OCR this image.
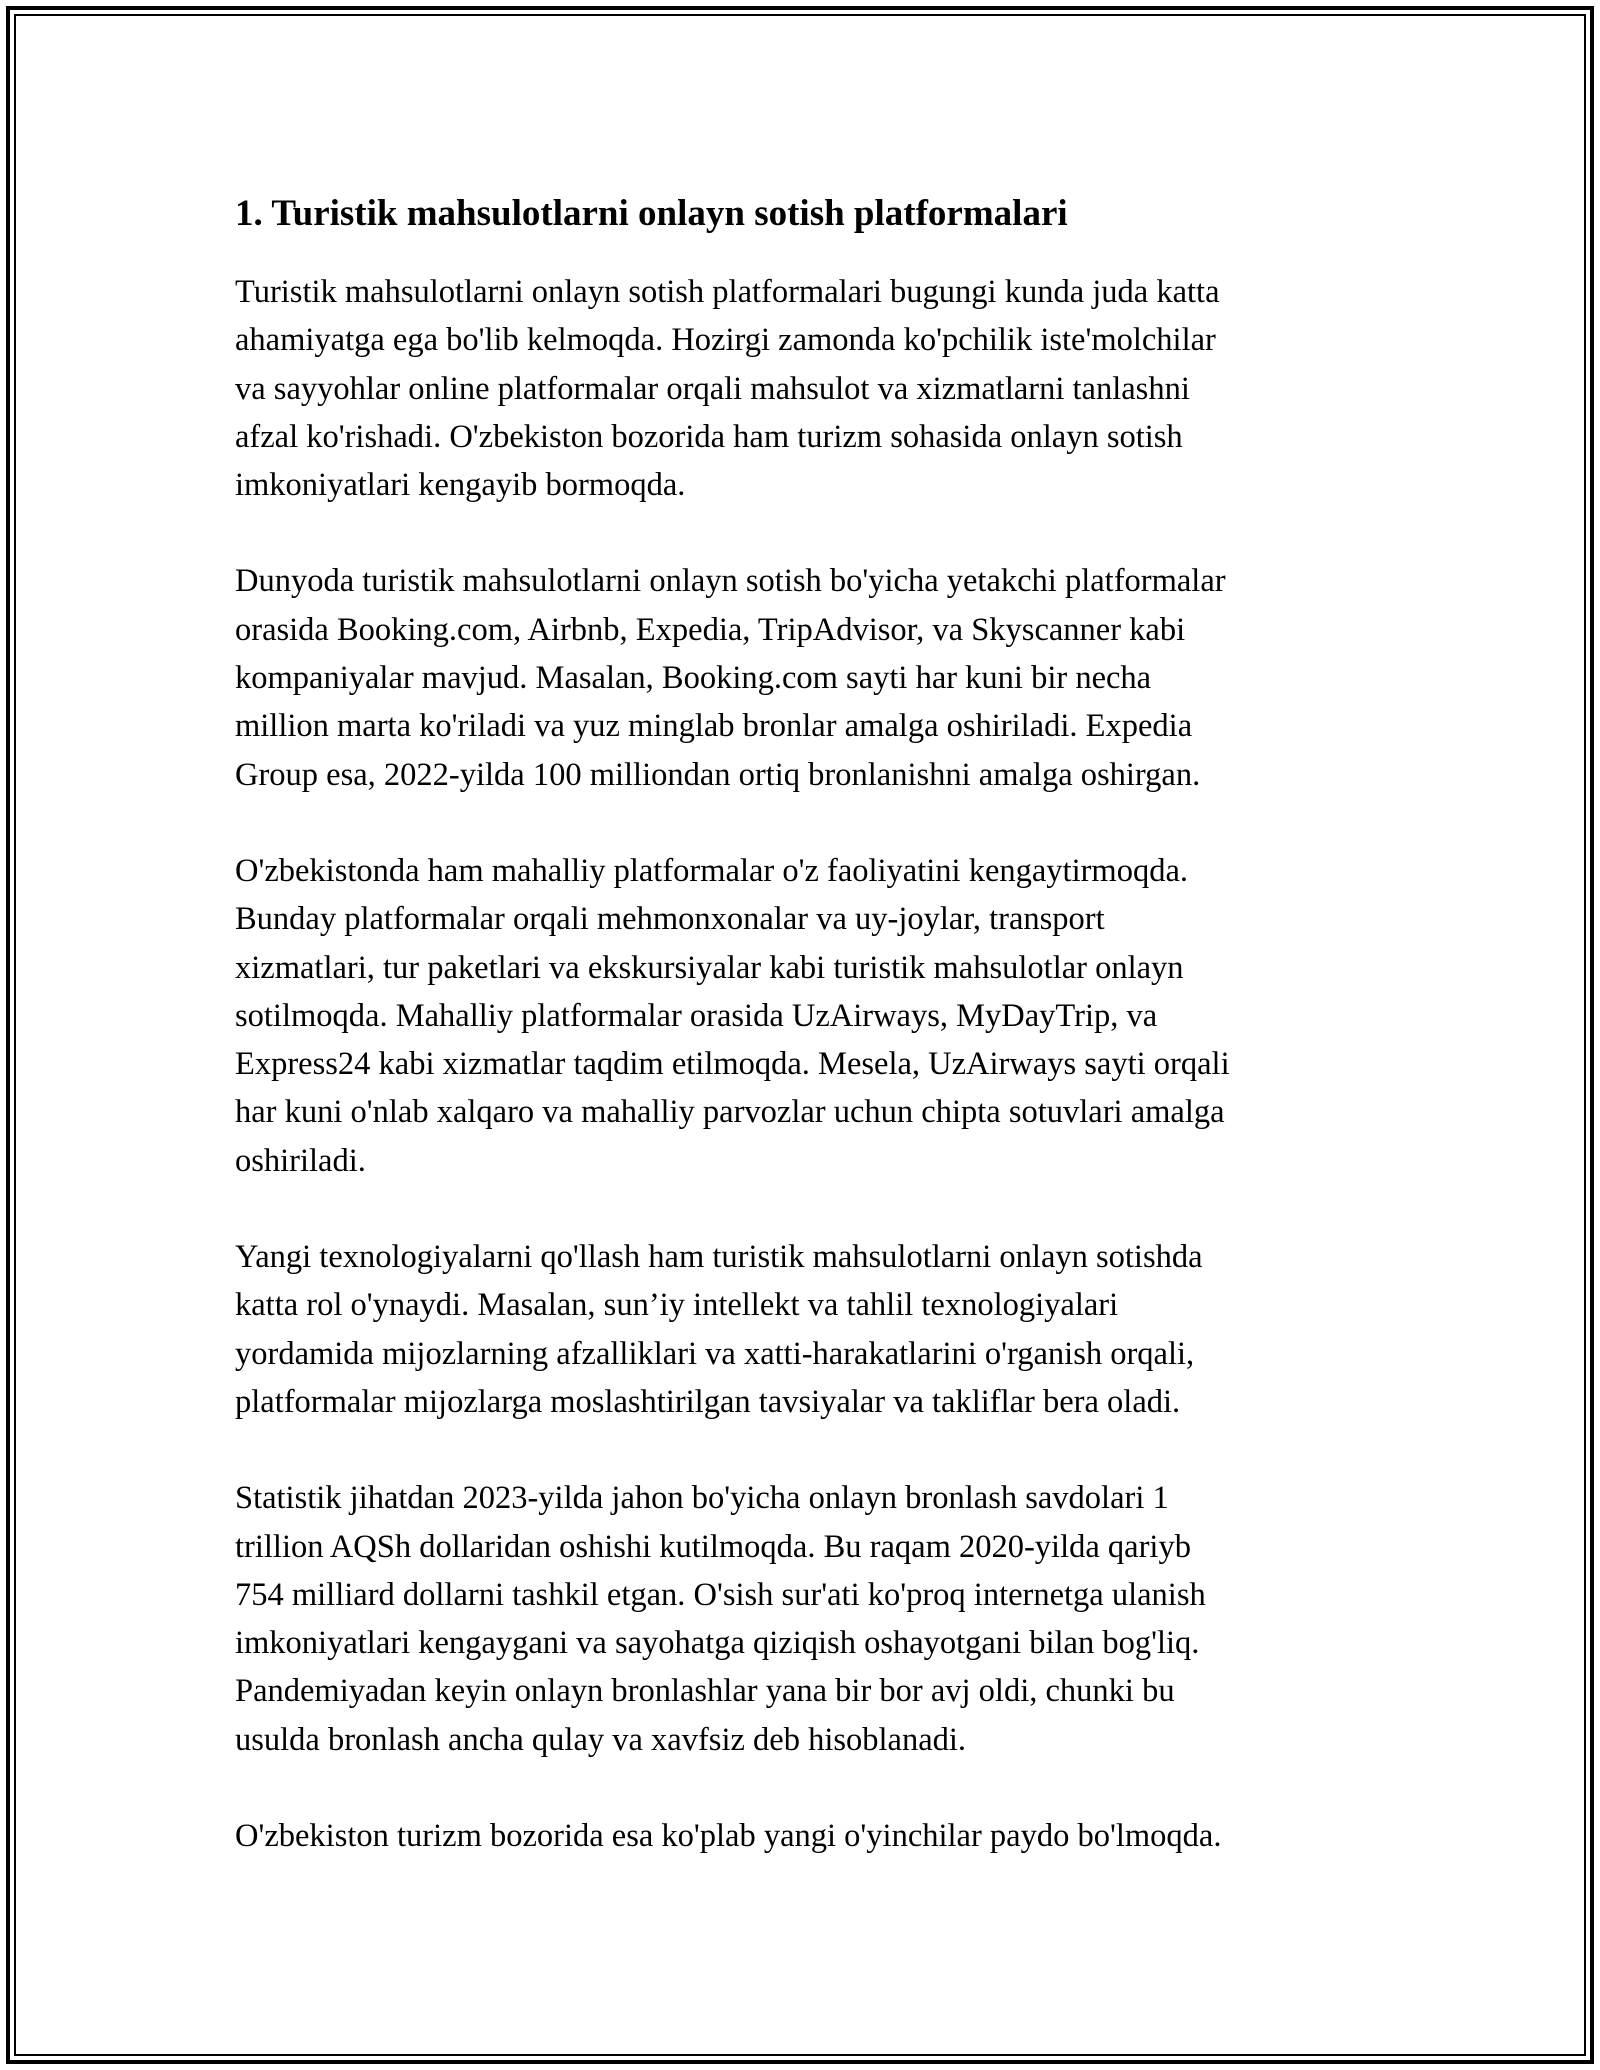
1. Turistik mahsulotlarni onlayn sotish platformalari

Turistik mahsulotlarni onlayn sotish platformalari bugungi kunda juda katta
ahamiyatga ega bo'lib kelmoqda. Hozirgi zamonda ko'pchilik iste'molchilar
va sayyohlar online platformalar orqali mahsulot va xizmatlarni tanlashni
afzal ko'rishadi. O'zbekiston bozorida ham turizm sohasida onlayn sotish
imkoniyatlari kengayib bormoqda.

Dunyoda turistik mahsulotlarni onlayn sotish bo'yicha yetakchi platformalar
orasida Booking.com, Airbnb, Expedia, TripAdvisor, va Skyscanner kabi
kompaniyalar mavjud. Masalan, Booking.com sayti har kuni bir necha
million marta ko'riladi va yuz minglab bronlar amalga oshiriladi. Expedia
Group esa, 2022-yilda 100 milliondan ortiq bronlanishni amalga oshirgan.

O'zbekistonda ham mahalliy platformalar o'z faoliyatini kengaytirmoqda.
Bunday platformalar orqali mehmonxonalar va uy-joylar, transport
xizmatlari, tur paketlari va ekskursiyalar kabi turistik mahsulotlar onlayn
sotilmoqda. Mahalliy platformalar orasida UzAirways, MyDayTrip, va
Express24 kabi xizmatlar taqdim etilmoqda. Mesela, UzAirways sayti orqali
har kuni o'nlab xalqaro va mahalliy parvozlar uchun chipta sotuvlari amalga
oshiriladi.

Yangi texnologiyalarni qo'llash ham turistik mahsulotlarni onlayn sotishda
katta rol o'ynaydi. Masalan, sun’iy intellekt va tahlil texnologiyalari
yordamida mijozlarning afzalliklari va xatti-harakatlarini o'rganish orqali,
platformalar mijozlarga moslashtirilgan tavsiyalar va takliflar bera oladi.

Statistik jihatdan 2023-yilda jahon bo'yicha onlayn bronlash savdolari 1
trillion AQSh dollaridan oshishi kutilmoqda. Bu raqam 2020-yilda qariyb
754 milliard dollarni tashkil etgan. O'sish sur'ati ko'proq internetga ulanish
imkoniyatlari kengaygani va sayohatga qiziqish oshayotgani bilan bog'liq.
Pandemiyadan keyin onlayn bronlashlar yana bir bor avj oldi, chunki bu
usulda bronlash ancha qulay va xavfsiz deb hisoblanadi.

O'zbekiston turizm bozorida esa ko'plab yangi o'yinchilar paydo bo'lmoqda.
